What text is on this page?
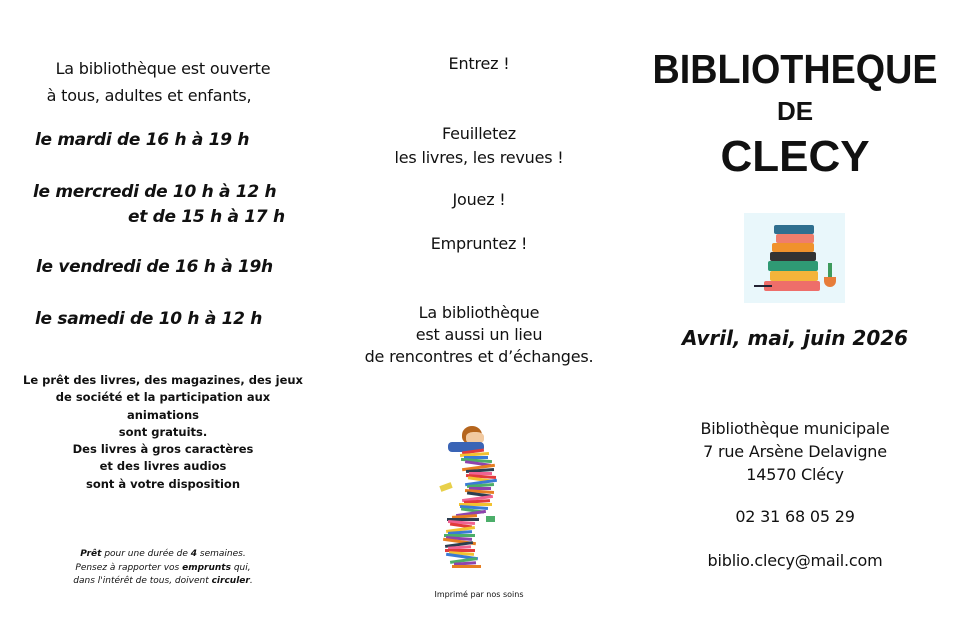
La bibliothèque est ouverte
à tous, adultes et enfants,
le mardi de 16 h à 19 h
le mercredi de 10 h à 12 h
et de 15 h à 17 h
le vendredi de 16 h à 19h
le samedi de 10 h à 12 h
Le prêt des livres, des magazines, des jeux
de société et la participation aux
animations
sont gratuits.
Des livres à gros caractères
et des livres audios
sont à votre disposition
Prêt pour une durée de 4 semaines.
Pensez à rapporter vos emprunts qui,
dans l'intérêt de tous, doivent circuler.
Entrez !
Feuilletez
les livres, les revues !
Jouez !
Empruntez !
La bibliothèque
est aussi un lieu
de rencontres et d’échanges.
Imprimé par nos soins
BIBLIOTHEQUE
DE
CLECY
Avril, mai, juin 2026
Bibliothèque municipale
7 rue Arsène Delavigne
14570 Clécy
02 31 68 05 29
biblio.clecy@mail.com
